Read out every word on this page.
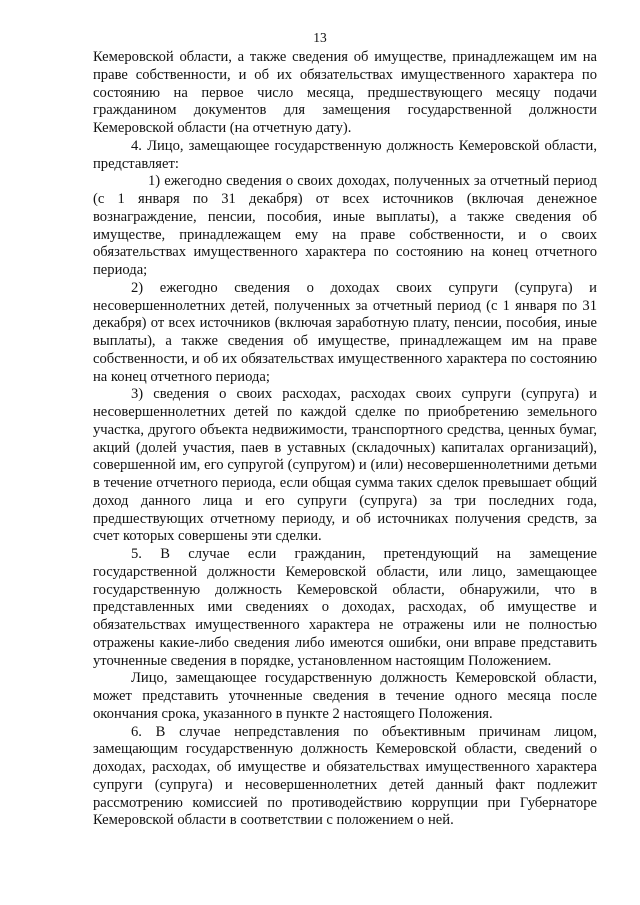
13

Кемеровской области, а также сведения об имуществе, принадлежащем им на праве собственности, и об их обязательствах имущественного характера по состоянию на первое число месяца, предшествующего месяцу подачи гражданином документов для замещения государственной должности Кемеровской области (на отчетную дату).

4. Лицо, замещающее государственную должность Кемеровской области, представляет:

1) ежегодно сведения о своих доходах, полученных за отчетный период (с 1 января по 31 декабря) от всех источников (включая денежное вознаграждение, пенсии, пособия, иные выплаты), а также сведения об имуществе, принадлежащем ему на праве собственности, и о своих обязательствах имущественного характера по состоянию на конец отчетного периода;

2) ежегодно сведения о доходах своих супруги (супруга) и несовершеннолетних детей, полученных за отчетный период (с 1 января по 31 декабря) от всех источников (включая заработную плату, пенсии, пособия, иные выплаты), а также сведения об имуществе, принадлежащем им на праве собственности, и об их обязательствах имущественного характера по состоянию на конец отчетного периода;

3) сведения о своих расходах, расходах своих супруги (супруга) и несовершеннолетних детей по каждой сделке по приобретению земельного участка, другого объекта недвижимости, транспортного средства, ценных бумаг, акций (долей участия, паев в уставных (складочных) капиталах организаций), совершенной им, его супругой (супругом) и (или) несовершеннолетними детьми в течение отчетного периода, если общая сумма таких сделок превышает общий доход данного лица и его супруги (супруга) за три последних года, предшествующих отчетному периоду, и об источниках получения средств, за счет которых совершены эти сделки.

5. В случае если гражданин, претендующий на замещение государственной должности Кемеровской области, или лицо, замещающее государственную должность Кемеровской области, обнаружили, что в представленных ими сведениях о доходах, расходах, об имуществе и обязательствах имущественного характера не отражены или не полностью отражены какие-либо сведения либо имеются ошибки, они вправе представить уточненные сведения в порядке, установленном настоящим Положением.

Лицо, замещающее государственную должность Кемеровской области, может представить уточненные сведения в течение одного месяца после окончания срока, указанного в пункте 2 настоящего Положения.

6. В случае непредставления по объективным причинам лицом, замещающим государственную должность Кемеровской области, сведений о доходах, расходах, об имуществе и обязательствах имущественного характера супруги (супруга) и несовершеннолетних детей данный факт подлежит рассмотрению комиссией по противодействию коррупции при Губернаторе Кемеровской области в соответствии с положением о ней.
